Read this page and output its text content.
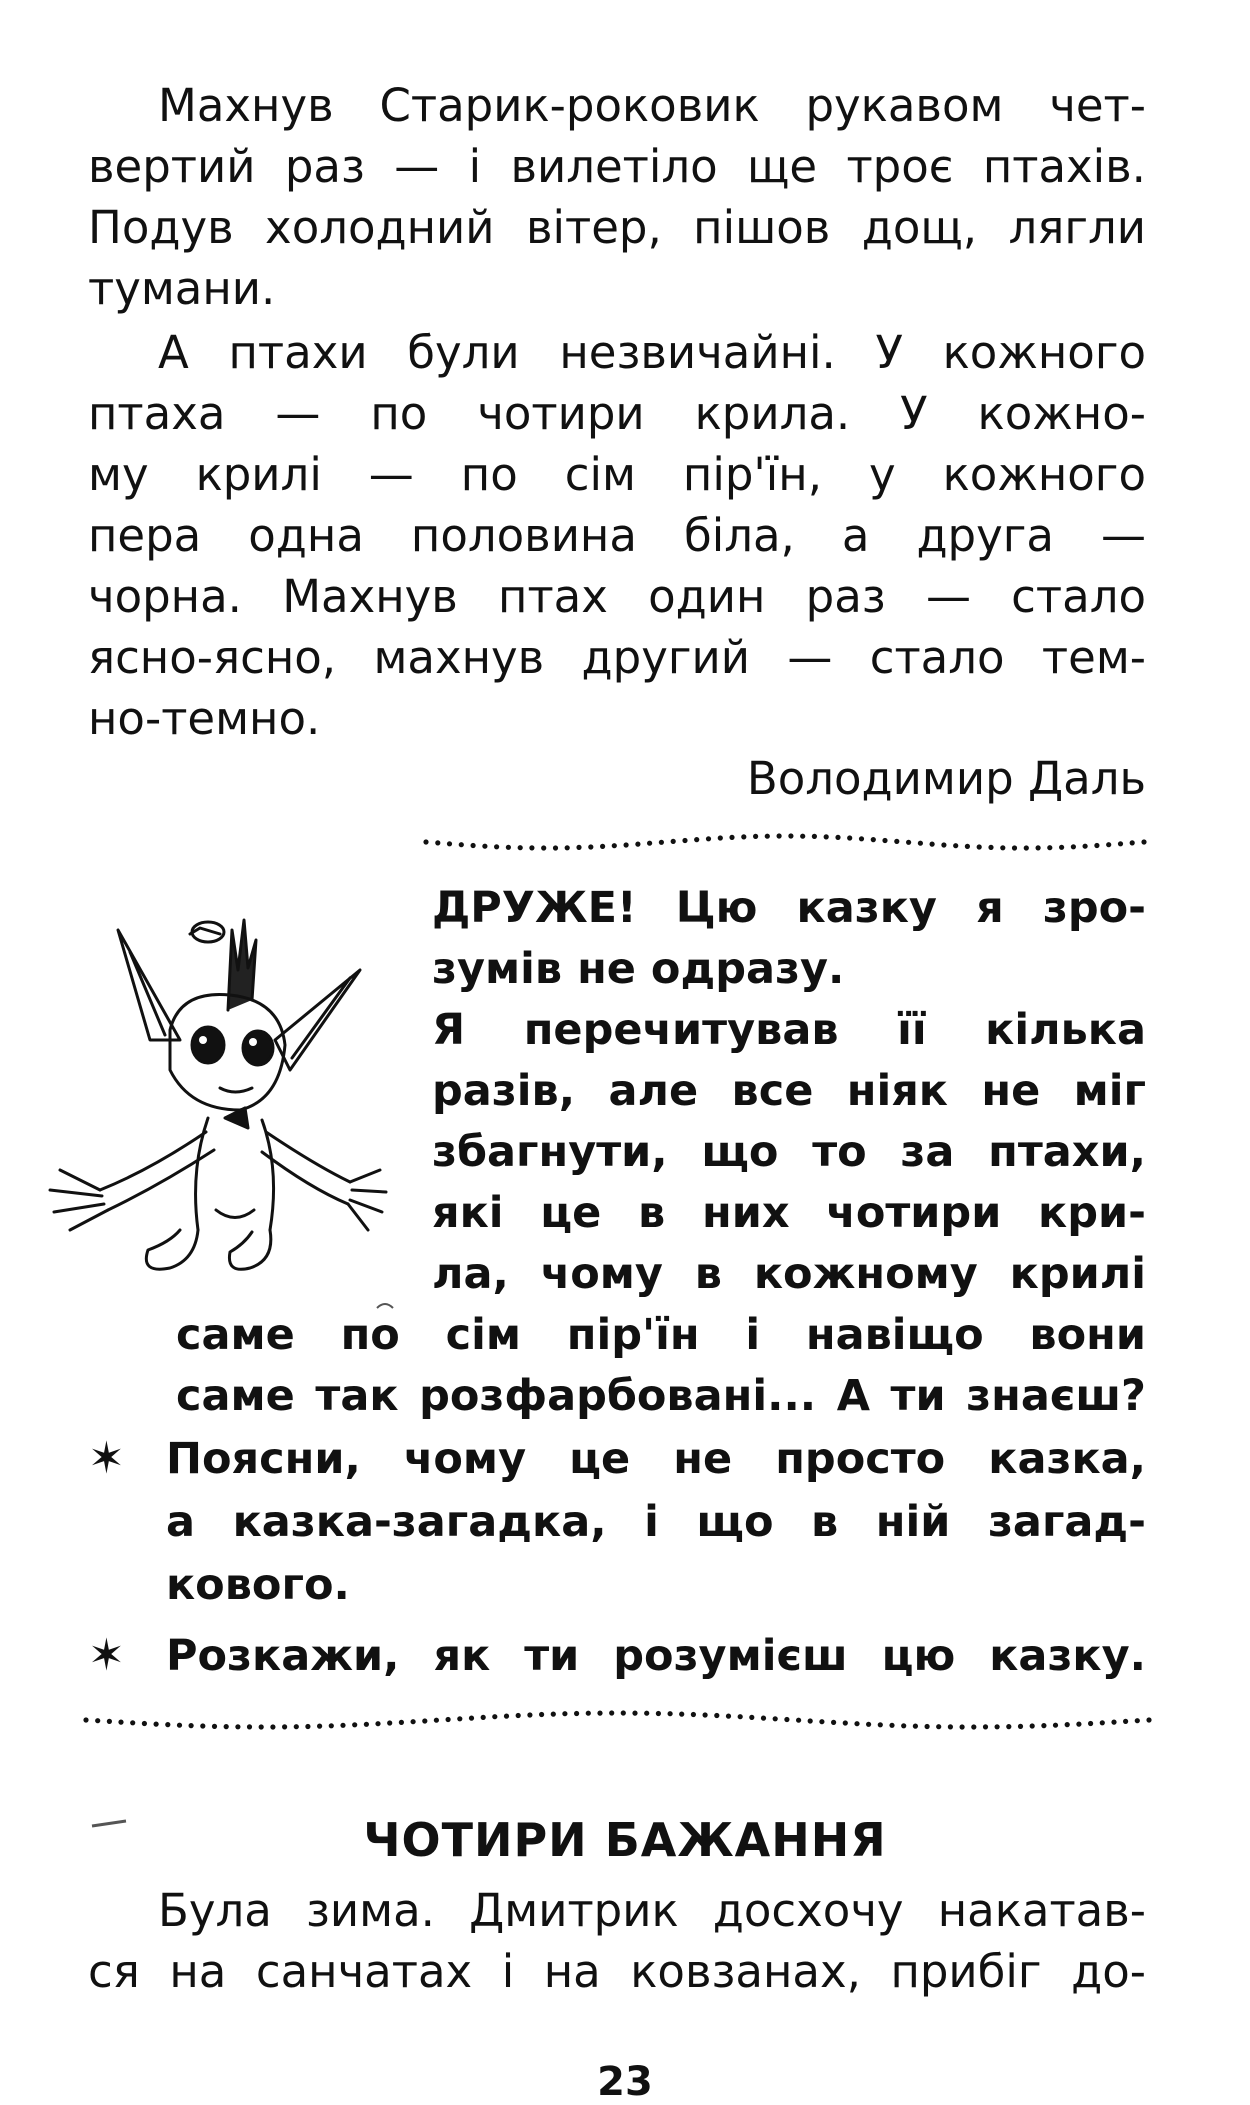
Махнув Старик-роковик рукавом чет-

вертий раз — і вилетіло ще троє птахів.

Подув холодний вітер, пішов дощ, лягли

тумани.

А птахи були незвичайні. У кожного

птаха — по чотири крила. У кожно-

му крилі — по сім пір'їн, у кожного

пера одна половина біла, а друга —

чорна. Махнув птах один раз — стало

ясно-ясно, махнув другий — стало тем-

но-темно.

Володимир Даль

ДРУЖЕ! Цю казку я зро-
зумів не одразу.
Я перечитував її кілька
разів, але все ніяк не міг
збагнути, що то за птахи,
які це в них чотири кри-
ла, чому в кожному крилі
саме по сім пір'їн і навіщо вони
саме так розфарбовані... А ти знаєш?
✶ Поясни, чому це не просто казка,
а казка-загадка, і що в ній загад-
кового.
✶ Розкажи, як ти розумієш цю казку.
ЧОТИРИ БАЖАННЯ

Була зима. Дмитрик досхочу накатав-

ся на санчатах і на ковзанах, прибіг до-

23
